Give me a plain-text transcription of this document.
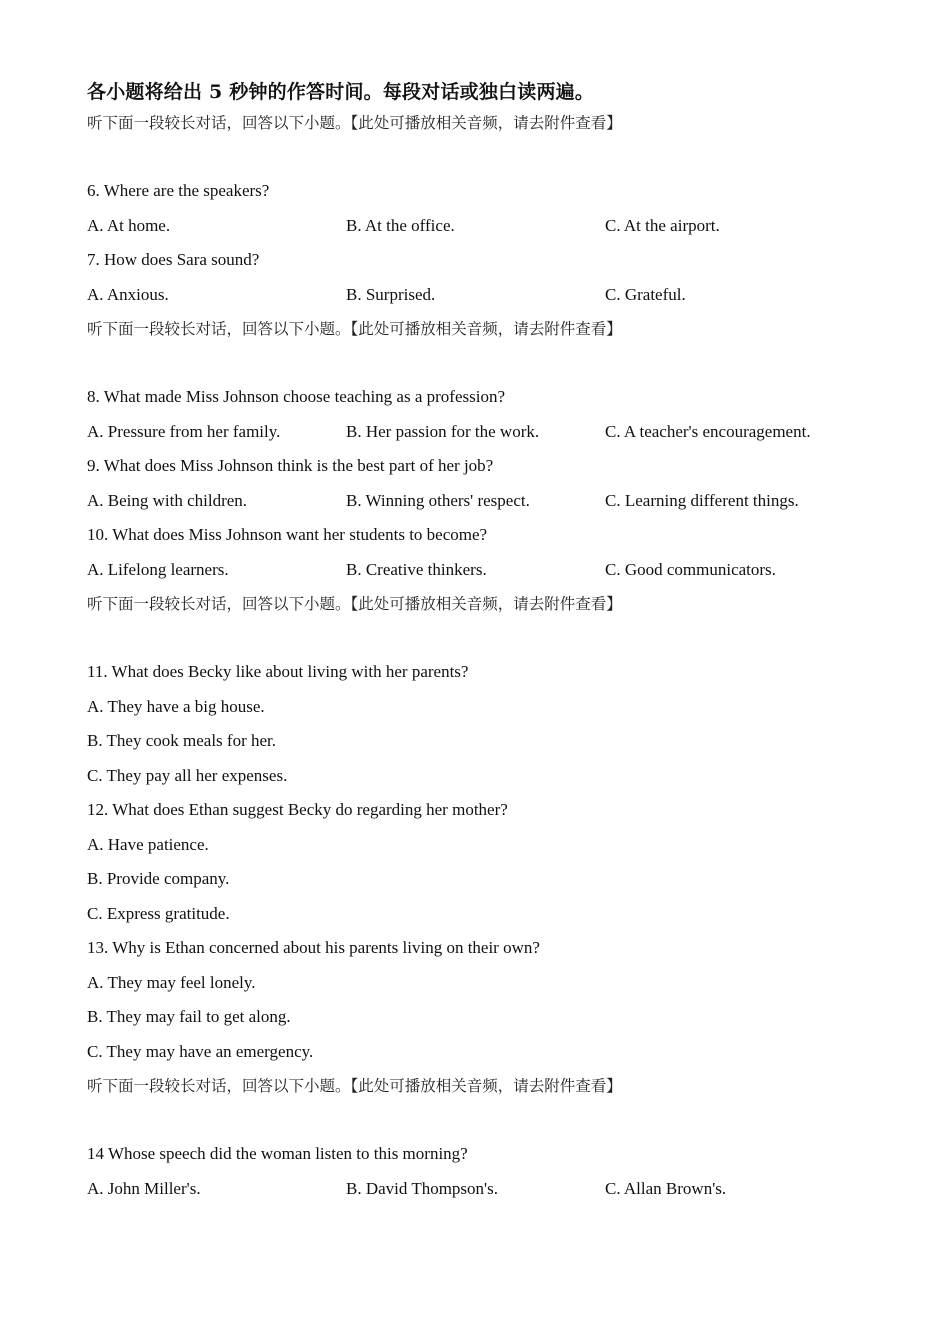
各小题将给出 5 秒钟的作答时间。每段对话或独白读两遍。
听下面一段较长对话，回答以下小题。【此处可播放相关音频，请去附件查看】
6. Where are the speakers?
A. At home.	B. At the office.	C. At the airport.
7. How does Sara sound?
A. Anxious.	B. Surprised.	C. Grateful.
听下面一段较长对话，回答以下小题。【此处可播放相关音频，请去附件查看】
8. What made Miss Johnson choose teaching as a profession?
A. Pressure from her family.	B. Her passion for the work.	C. A teacher's encouragement.
9. What does Miss Johnson think is the best part of her job?
A. Being with children.	B. Winning others' respect.	C. Learning different things.
10. What does Miss Johnson want her students to become?
A. Lifelong learners.	B. Creative thinkers.	C. Good communicators.
听下面一段较长对话，回答以下小题。【此处可播放相关音频，请去附件查看】
11. What does Becky like about living with her parents?
A. They have a big house.
B. They cook meals for her.
C. They pay all her expenses.
12. What does Ethan suggest Becky do regarding her mother?
A. Have patience.
B. Provide company.
C. Express gratitude.
13. Why is Ethan concerned about his parents living on their own?
A. They may feel lonely.
B. They may fail to get along.
C. They may have an emergency.
听下面一段较长对话，回答以下小题。【此处可播放相关音频，请去附件查看】
14 Whose speech did the woman listen to this morning?
A. John Miller's.	B. David Thompson's.	C. Allan Brown's.
